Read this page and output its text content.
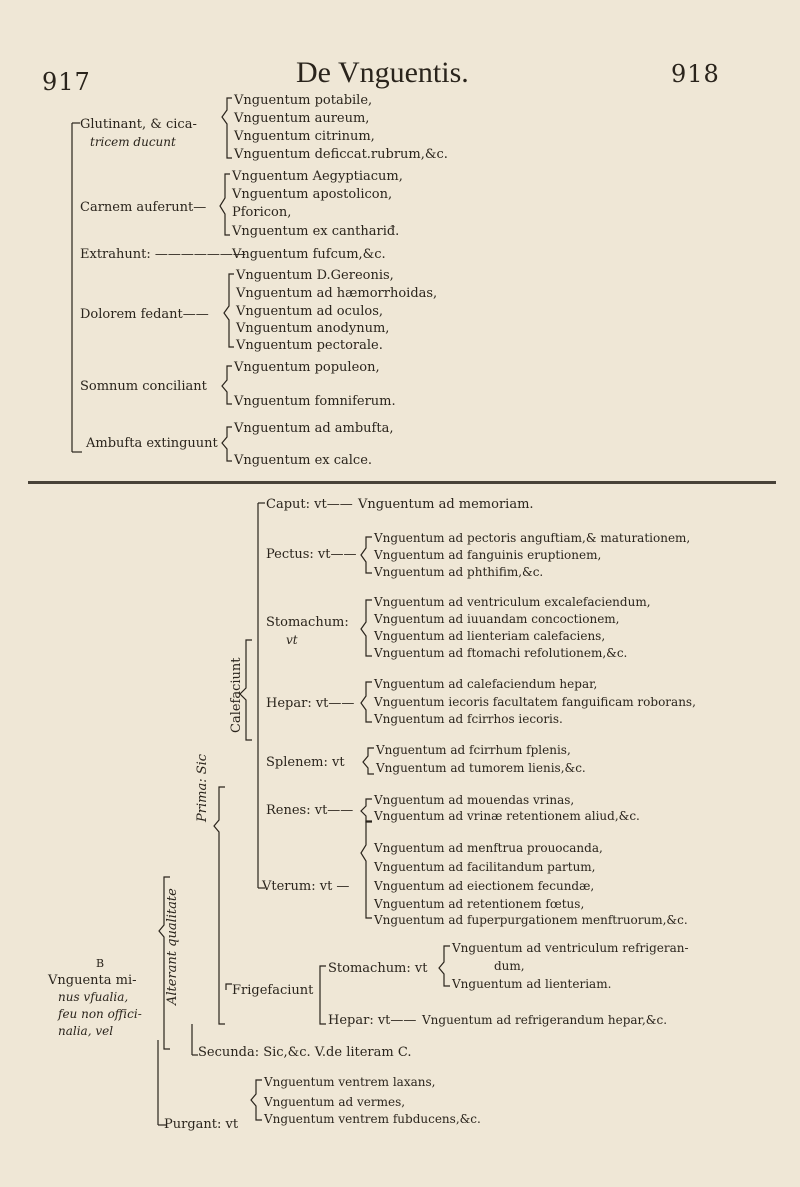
917	De Vnguentis.	918
Glutinant, & cica-
tricem ducunt
Vnguentum potabile,
Vnguentum aureum,
Vnguentum citrinum,
Vnguentum deficcat.rubrum,&c.
Carnem auferunt—
Vnguentum Aegyptiacum,
Vnguentum apostolicon,
Pforicon,
Vnguentum ex canthariđ.
Extrahunt: ———————
Vnguentum fufcum,&c.
Dolorem fedant——
Vnguentum D.Gereonis,
Vnguentum ad hæmorrhoidas,
Vnguentum ad oculos,
Vnguentum anodynum,
Vnguentum pectorale.
Somnum conciliant
Vnguentum populeon,
Vnguentum fomniferum.
Ambufta extinguunt
Vnguentum ad ambufta,
Vnguentum ex calce.
Caput: vt—— Vnguentum ad memoriam.
Pectus: vt——
Vnguentum ad pectoris anguftiam,& maturationem,
Vnguentum ad fanguinis eruptionem,
Vnguentum ad phthifim,&c.
Stomachum:
vt
Vnguentum ad ventriculum excalefaciendum,
Vnguentum ad iuuandam concoctionem,
Vnguentum ad lienteriam calefaciens,
Vnguentum ad ftomachi refolutionem,&c.
Hepar: vt——
Vnguentum ad calefaciendum hepar,
Vnguentum iecoris facultatem fanguificam roborans,
Vnguentum ad fcirrhos iecoris.
Splenem: vt
Vnguentum ad fcirrhum fplenis,
Vnguentum ad tumorem lienis,&c.
Renes: vt——
Vnguentum ad mouendas vrinas,
Vnguentum ad vrinæ retentionem aliud,&c.
Vterum: vt —
Vnguentum ad menftrua prouocanda,
Vnguentum ad facilitandum partum,
Vnguentum ad eiectionem fecundæ,
Vnguentum ad retentionem fœtus,
Vnguentum ad fuperpurgationem menftruorum,&c.
Stomachum: vt
Vnguentum ad ventriculum refrigeran-
dum,
Vnguentum ad lienteriam.
Frigefaciunt
Hepar: vt—— Vnguentum ad refrigerandum hepar,&c.
Secunda: Sic,&c. V.de literam C.
Purgant: vt
Vnguentum ventrem laxans,
Vnguentum ad vermes,
Vnguentum ventrem fubducens,&c.
Calefaciunt
Prima: Sic
Alterant qualitate
B
Vnguenta mi-
nus vfualia,
feu non offici-
nalia, vel
